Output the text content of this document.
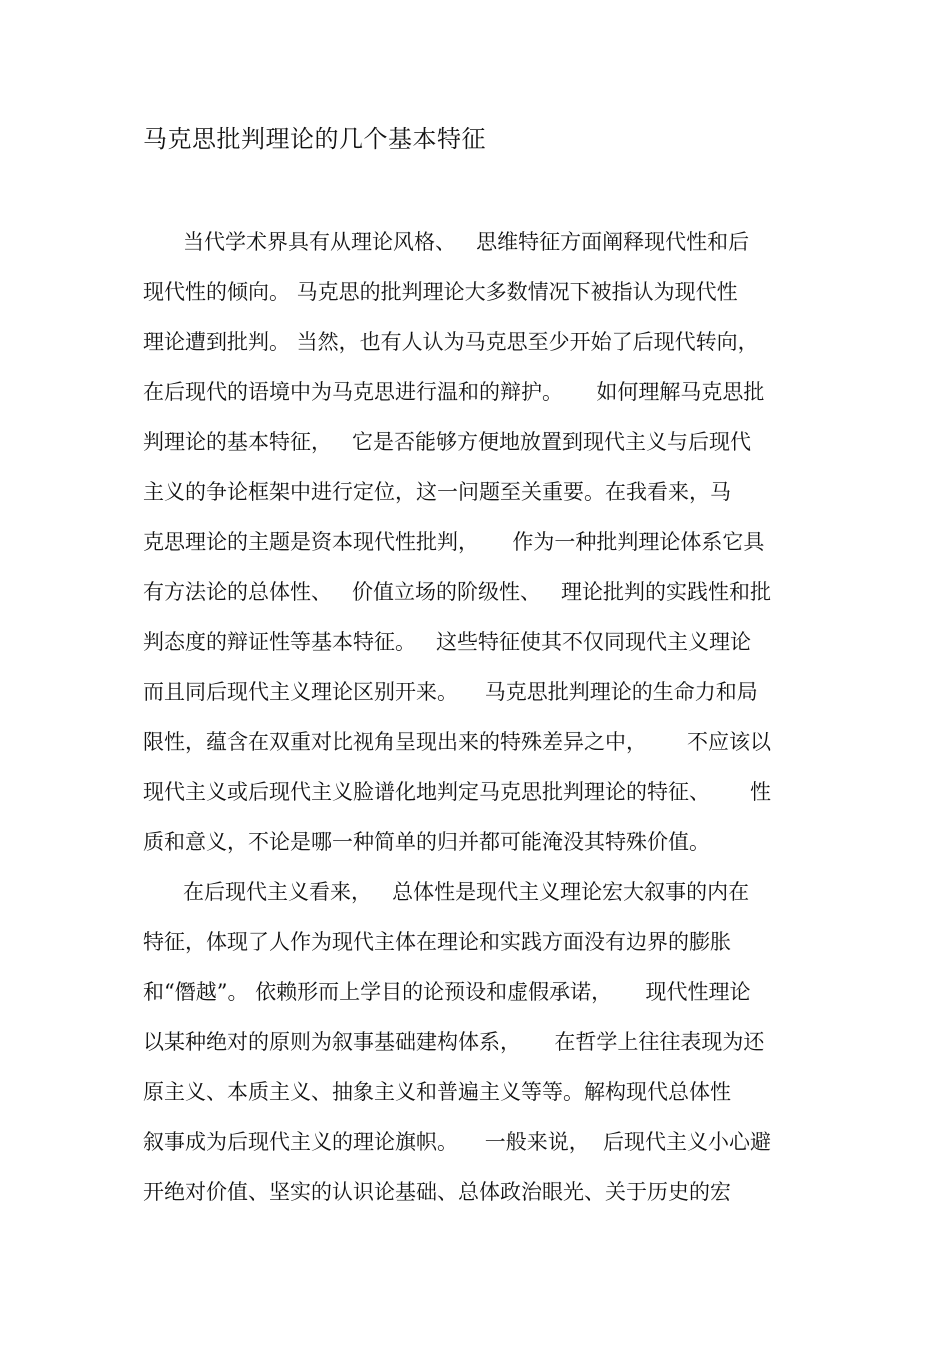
马克思批判理论的几个基本特征
当代学术界具有从理论风格、   思维特征方面阐释现代性和后
现代性的倾向。 马克思的批判理论大多数情况下被指认为现代性
理论遭到批判。 当然，也有人认为马克思至少开始了后现代转向，
在后现代的语境中为马克思进行温和的辩护。     如何理解马克思批
判理论的基本特征，   它是否能够方便地放置到现代主义与后现代
主义的争论框架中进行定位，这一问题至关重要。在我看来，马
克思理论的主题是资本现代性批判，     作为一种批判理论体系它具
有方法论的总体性、   价值立场的阶级性、   理论批判的实践性和批
判态度的辩证性等基本特征。   这些特征使其不仅同现代主义理论
而且同后现代主义理论区别开来。    马克思批判理论的生命力和局
限性，蕴含在双重对比视角呈现出来的特殊差异之中，      不应该以
现代主义或后现代主义脸谱化地判定马克思批判理论的特征、      性
质和意义，不论是哪一种简单的归并都可能淹没其特殊价值。
在后现代主义看来，   总体性是现代主义理论宏大叙事的内在
特征，体现了人作为现代主体在理论和实践方面没有边界的膨胀
和“僭越”。 依赖形而上学目的论预设和虚假承诺，     现代性理论
以某种绝对的原则为叙事基础建构体系，     在哲学上往往表现为还
原主义、本质主义、抽象主义和普遍主义等等。解构现代总体性
叙事成为后现代主义的理论旗帜。    一般来说，  后现代主义小心避
开绝对价值、坚实的认识论基础、总体政治眼光、关于历史的宏
